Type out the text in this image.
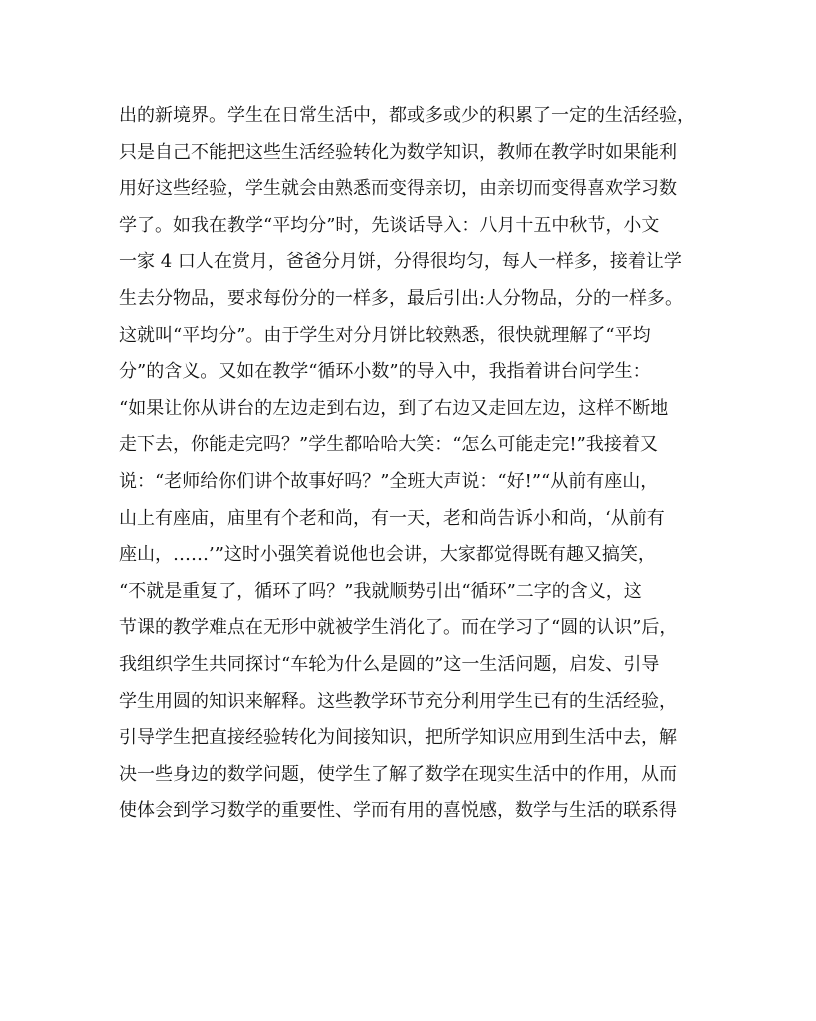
出的新境界。学生在日常生活中，都或多或少的积累了一定的生活经验，
只是自己不能把这些生活经验转化为数学知识，教师在教学时如果能利
用好这些经验，学生就会由熟悉而变得亲切，由亲切而变得喜欢学习数
学了。如我在教学“平均分”时，先谈话导入：八月十五中秋节，小文
一家 4 口人在赏月，爸爸分月饼，分得很均匀，每人一样多，接着让学
生去分物品，要求每份分的一样多，最后引出:人分物品，分的一样多。
这就叫“平均分”。由于学生对分月饼比较熟悉，很快就理解了“平均
分”的含义。又如在教学“循环小数”的导入中，我指着讲台问学生：
“如果让你从讲台的左边走到右边，到了右边又走回左边，这样不断地
走下去，你能走完吗？”学生都哈哈大笑：“怎么可能走完!”我接着又
说：“老师给你们讲个故事好吗？”全班大声说：“好!”“从前有座山，
山上有座庙，庙里有个老和尚，有一天，老和尚告诉小和尚，‘从前有
座山，……’”这时小强笑着说他也会讲，大家都觉得既有趣又搞笑，
“不就是重复了，循环了吗？”我就顺势引出“循环”二字的含义，这
节课的教学难点在无形中就被学生消化了。而在学习了“圆的认识”后，
我组织学生共同探讨“车轮为什么是圆的”这一生活问题，启发、引导
学生用圆的知识来解释。这些教学环节充分利用学生已有的生活经验，
引导学生把直接经验转化为间接知识，把所学知识应用到生活中去，解
决一些身边的数学问题，使学生了解了数学在现实生活中的作用，从而
使体会到学习数学的重要性、学而有用的喜悦感，数学与生活的联系得
